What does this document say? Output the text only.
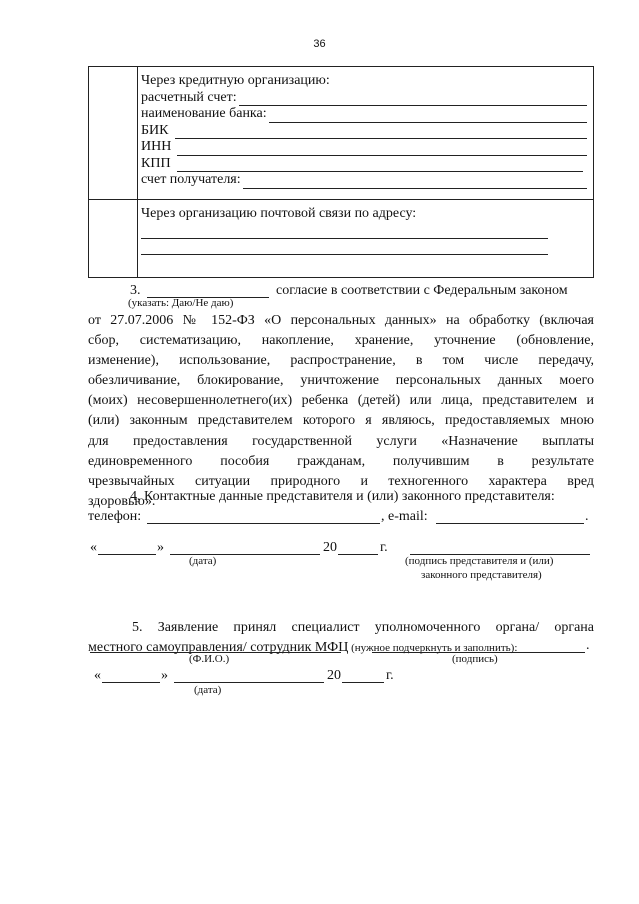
36
Через кредитную организацию:
расчетный счет:
наименование банка:
БИК
ИНН
КПП
счет получателя:
Через организацию почтовой связи по адресу:
3.	согласие в соответствии с Федеральным законом
(указать: Даю/Не даю)
от 27.07.2006 № 152-ФЗ «О персональных данных» на обработку (включая
сбор, систематизацию, накопление, хранение, уточнение (обновление,
изменение), использование, распространение, в том числе передачу,
обезличивание, блокирование, уничтожение персональных данных моего
(моих) несовершеннолетнего(их) ребенка (детей) или лица, представителем и
(или) законным представителем которого я являюсь, предоставляемых мною
для предоставления государственной услуги «Назначение выплаты
единовременного пособия гражданам, получившим в результате
чрезвычайных ситуации природного и техногенного характера вред
здоровью».
4. Контактные данные представителя и (или) законного представителя:
телефон:	, e-mail:	.
«	»	20	г.
(дата)	(подпись представителя и (или)
законного представителя)
5. Заявление принял специалист уполномоченного органа/ органа
местного самоуправления/ сотрудник МФЦ (нужное подчеркнуть и заполнить):	.
(Ф.И.О.)	(подпись)
«	»	20	г.
(дата)
